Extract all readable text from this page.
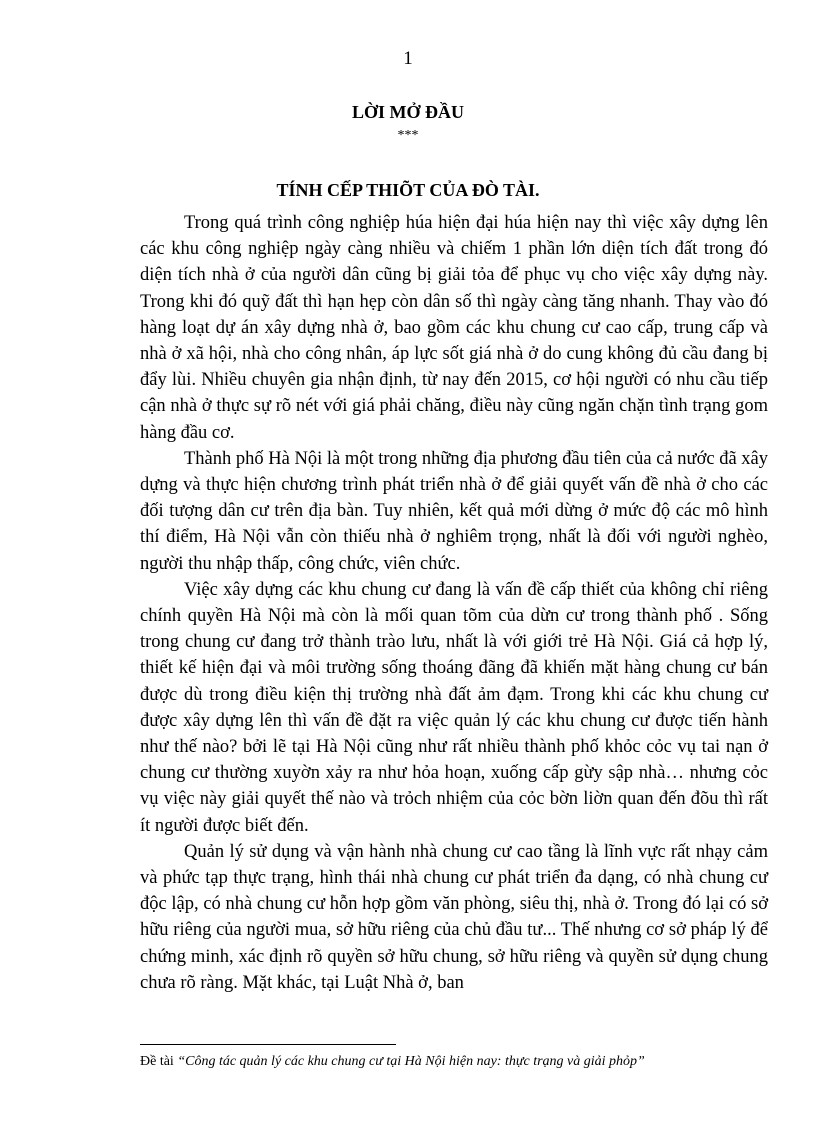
1
LỜI MỞ ĐẦU
***
TÍNH CẾP THIÕT CỦA ĐÒ TÀI.

Trong quá trình công nghiệp húa hiện đại húa hiện nay thì việc xây dựng lên các khu công nghiệp ngày càng nhiều và chiếm 1 phần lớn diện tích đất trong đó diện tích nhà ở của người dân cũng bị giải tỏa để phục vụ cho việc xây dựng này. Trong khi đó quỹ đất thì hạn hẹp còn dân số thì ngày càng tăng nhanh. Thay vào đó hàng loạt dự án xây dựng nhà ở, bao gồm các khu chung cư cao cấp, trung cấp và nhà ở xã hội, nhà cho công nhân, áp lực sốt giá nhà ở do cung không đủ cầu đang bị đẩy lùi. Nhiều chuyên gia nhận định, từ nay đến 2015, cơ hội người có nhu cầu tiếp cận nhà ở thực sự rõ nét với giá phải chăng, điều này cũng ngăn chặn tình trạng gom hàng đầu cơ.

Thành phố Hà Nội là một trong những địa phương đầu tiên của cả nước đã xây dựng và thực hiện chương trình phát triển nhà ở để giải quyết vấn đề nhà ở cho các đối tượng dân cư trên địa bàn. Tuy nhiên, kết quả mới dừng ở mức độ các mô hình thí điểm, Hà Nội vẫn còn thiếu nhà ở nghiêm trọng, nhất là đối với người nghèo, người thu nhập thấp, công chức, viên chức.

Việc xây dựng các khu chung cư đang là vấn đề cấp thiết của không chỉ riêng chính quyền Hà Nội mà còn là mối quan tõm của dừn cư trong thành phố . Sống trong chung cư đang trở thành trào lưu, nhất là với giới trẻ Hà Nội. Giá cả hợp lý, thiết kế hiện đại và môi trường sống thoáng đãng đã khiến mặt hàng chung cư bán được dù trong điều kiện thị trường nhà đất ảm đạm. Trong khi các khu chung cư được xây dựng lên thì vấn đề đặt ra việc quản lý các khu chung cư được tiến hành như thế nào? bởi lẽ tại Hà Nội cũng như rất nhiều thành phố khỏc cỏc vụ tai nạn ở chung cư thường xuyờn xảy ra như hỏa hoạn, xuống cấp gừy sập nhà… nhưng cỏc vụ việc này giải quyết thế nào và trỏch nhiệm của cỏc bờn liờn quan đến đõu thì rất ít người được biết đến.

Quản lý sử dụng và vận hành nhà chung cư cao tầng là lĩnh vực rất nhạy cảm và phức tạp thực trạng, hình thái nhà chung cư phát triển đa dạng, có nhà chung cư độc lập, có nhà chung cư hỗn hợp gồm văn phòng, siêu thị, nhà ở. Trong đó lại có sở hữu riêng của người mua, sở hữu riêng của chủ đầu tư... Thế nhưng cơ sở pháp lý để chứng minh, xác định rõ quyền sở hữu chung, sở hữu riêng và quyền sử dụng chung chưa rõ ràng. Mặt khác, tại Luật Nhà ở, ban

Đề tài “Công tác quản lý các khu chung cư tại Hà Nội hiện nay: thực trạng và giải phỏp”
